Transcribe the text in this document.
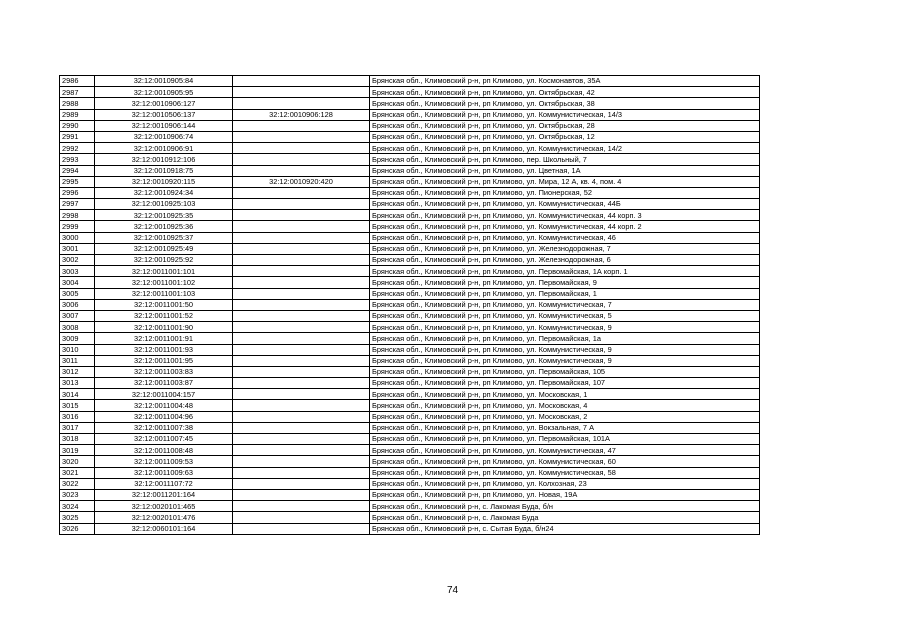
2986	32:12:0010905:84		Брянская обл., Климовский р-н, рп Климово, ул. Космонавтов, 35А
2987	32:12:0010905:95		Брянская обл., Климовский р-н, рп Климово, ул. Октябрьская, 42
2988	32:12:0010906:127		Брянская обл., Климовский р-н, рп Климово, ул. Октябрьская, 38
2989	32:12:0010506:137	32:12:0010906:128	Брянская обл., Климовский р-н, рп Климово, ул. Коммунистическая, 14/3
2990	32:12:0010906:144		Брянская обл., Климовский р-н, рп Климово, ул. Октябрьская, 28
2991	32:12:0010906:74		Брянская обл., Климовский р-н, рп Климово, ул. Октябрьская, 12
2992	32:12:0010906:91		Брянская обл., Климовский р-н, рп Климово, ул. Коммунистическая, 14/2
2993	32:12:0010912:106		Брянская обл., Климовский р-н, рп Климово, пер. Школьный, 7
2994	32:12:0010918:75		Брянская обл., Климовский р-н, рп Климово, ул. Цветная, 1А
2995	32:12:0010920:115	32:12:0010920:420	Брянская обл., Климовский р-н, рп Климово, ул. Мира, 12 А, кв. 4, пом. 4
2996	32:12:0010924:34		Брянская обл., Климовский р-н, рп Климово, ул. Пионерская, 52
2997	32:12:0010925:103		Брянская обл., Климовский р-н, рп Климово, ул. Коммунистическая, 44Б
2998	32:12:0010925:35		Брянская обл., Климовский р-н, рп Климово, ул. Коммунистическая, 44 корп. 3
2999	32:12:0010925:36		Брянская обл., Климовский р-н, рп Климово, ул. Коммунистическая, 44 корп. 2
3000	32:12:0010925:37		Брянская обл., Климовский р-н, рп Климово, ул. Коммунистическая, 46
3001	32:12:0010925:49		Брянская обл., Климовский р-н, рп Климово, ул. Железнодорожная, 7
3002	32:12:0010925:92		Брянская обл., Климовский р-н, рп Климово, ул. Железнодорожная, 6
3003	32:12:0011001:101		Брянская обл., Климовский р-н, рп Климово, ул. Первомайская, 1А корп. 1
3004	32:12:0011001:102		Брянская обл., Климовский р-н, рп Климово, ул. Первомайская, 9
3005	32:12:0011001:103		Брянская обл., Климовский р-н, рп Климово, ул. Первомайская, 1
3006	32:12:0011001:50		Брянская обл., Климовский р-н, рп Климово, ул. Коммунистическая, 7
3007	32:12:0011001:52		Брянская обл., Климовский р-н, рп Климово, ул. Коммунистическая, 5
3008	32:12:0011001:90		Брянская обл., Климовский р-н, рп Климово, ул. Коммунистическая, 9
3009	32:12:0011001:91		Брянская обл., Климовский р-н, рп Климово, ул. Первомайская, 1а
3010	32:12:0011001:93		Брянская обл., Климовский р-н, рп Климово, ул. Коммунистическая, 9
3011	32:12:0011001:95		Брянская обл., Климовский р-н, рп Климово, ул. Коммунистическая, 9
3012	32:12:0011003:83		Брянская обл., Климовский р-н, рп Климово, ул. Первомайская, 105
3013	32:12:0011003:87		Брянская обл., Климовский р-н, рп Климово, ул. Первомайская, 107
3014	32:12:0011004:157		Брянская обл., Климовский р-н, рп Климово, ул. Московская, 1
3015	32:12:0011004:48		Брянская обл., Климовский р-н, рп Климово, ул. Московская, 4
3016	32:12:0011004:96		Брянская обл., Климовский р-н, рп Климово, ул. Московская, 2
3017	32:12:0011007:38		Брянская обл., Климовский р-н, рп Климово, ул. Вокзальная, 7 А
3018	32:12:0011007:45		Брянская обл., Климовский р-н, рп Климово, ул. Первомайская, 101А
3019	32:12:0011008:48		Брянская обл., Климовский р-н, рп Климово, ул. Коммунистическая, 47
3020	32:12:0011009:53		Брянская обл., Климовский р-н, рп Климово, ул. Коммунистическая, 60
3021	32:12:0011009:63		Брянская обл., Климовский р-н, рп Климово, ул. Коммунистическая, 58
3022	32:12:0011107:72		Брянская обл., Климовский р-н, рп Климово, ул. Колхозная, 23
3023	32:12:0011201:164		Брянская обл., Климовский р-н, рп Климово, ул. Новая, 19А
3024	32:12:0020101:465		Брянская обл., Климовский р-н, с. Лакомая Буда, б/н
3025	32:12:0020101:476		Брянская обл., Климовский р-н, с. Лакомая Буда
3026	32:12:0060101:164		Брянская обл., Климовский р-н, с. Сытая Буда, б/н24
74
